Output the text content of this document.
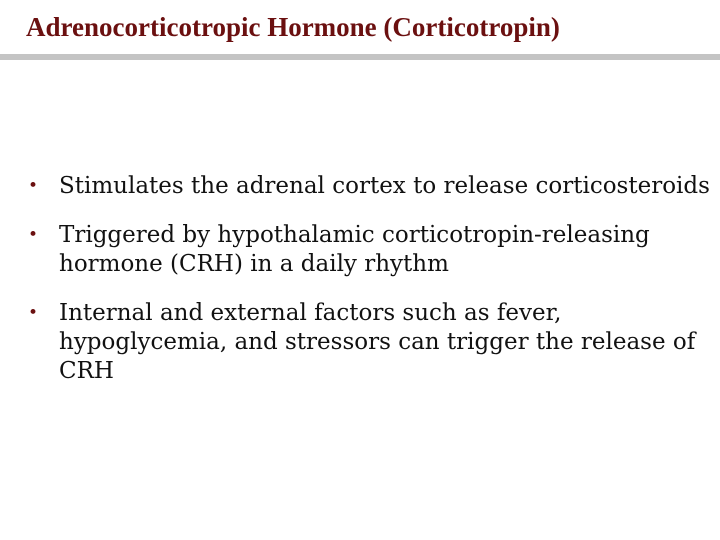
Adrenocorticotropic Hormone (Corticotropin)
• Stimulates the adrenal cortex to release corticosteroids
• Triggered by hypothalamic corticotropin-releasing hormone (CRH) in a daily rhythm
• Internal and external factors such as fever, hypoglycemia, and stressors can trigger the release of CRH
